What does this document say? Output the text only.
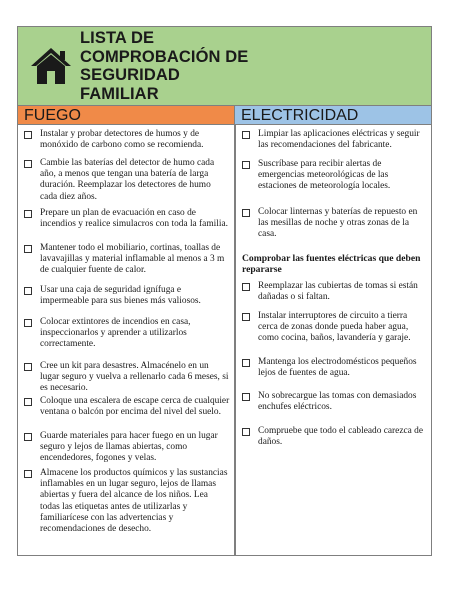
LISTA DE
COMPROBACIÓN DE
SEGURIDAD
FAMILIAR
FUEGO
Instalar y probar detectores de humos y de monóxido de carbono como se recomienda.
Cambie las baterías del detector de humo cada año, a menos que tengan una batería de larga duración. Reemplazar los detectores de humo cada diez años.
Prepare un plan de evacuación en caso de incendios y realice simulacros con toda la familia.
Mantener todo el mobiliario, cortinas, toallas de lavavajillas y material inflamable al menos a 3 m de cualquier fuente de calor.
Usar una caja de seguridad ignífuga e impermeable para sus bienes más valiosos.
Colocar extintores de incendios en casa, inspeccionarlos y aprender a utilizarlos correctamente.
Cree un kit para desastres. Almacénelo en un lugar seguro y vuelva a rellenarlo cada 6 meses, si es necesario.
Coloque una escalera de escape cerca de cualquier ventana o balcón por encima del nivel del suelo.
Guarde materiales para hacer fuego en un lugar seguro y lejos de llamas abiertas, como encendedores, fogones y velas.
Almacene los productos químicos y las sustancias inflamables en un lugar seguro, lejos de llamas abiertas y fuera del alcance de los niños. Lea todas las etiquetas antes de utilizarlas y familiarícese con las advertencias y recomendaciones de desecho.
ELECTRICIDAD
Limpiar las aplicaciones eléctricas y seguir las recomendaciones del fabricante.
Suscríbase para recibir alertas de emergencias meteorológicas de las estaciones de meteorología locales.
Colocar linternas y baterías de repuesto en las mesillas de noche y otras zonas de la casa.
Comprobar las fuentes eléctricas que deben repararse
Reemplazar las cubiertas de tomas si están dañadas o si faltan.
Instalar interruptores de circuito a tierra cerca de zonas donde pueda haber agua, como cocina, baños, lavandería y garaje.
Mantenga los electrodomésticos pequeños lejos de fuentes de agua.
No sobrecargue las tomas con demasiados enchufes eléctricos.
Compruebe que todo el cableado carezca de daños.
